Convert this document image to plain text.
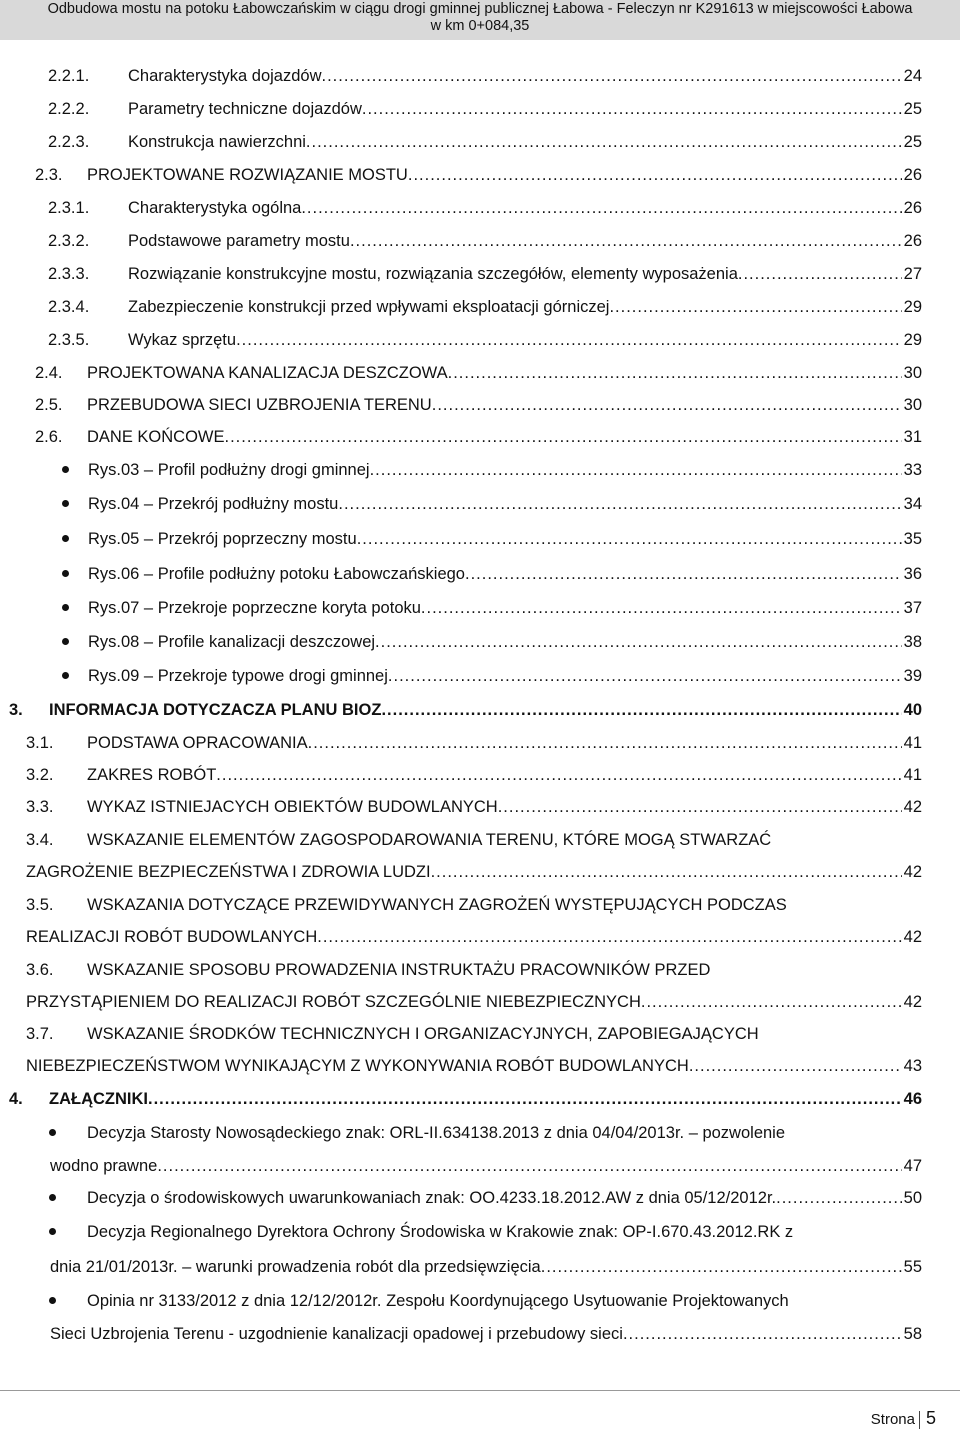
Odbudowa mostu na potoku Łabowczańskim w ciągu drogi gminnej publicznej Łabowa - Feleczyn nr K291613 w miejscowości Łabowa
w km 0+084,35
2.2.1. Charakterystyka dojazdów .....	24
2.2.2. Parametry techniczne dojazdów .....	25
2.2.3. Konstrukcja nawierzchni .....	25
2.3. PROJEKTOWANE ROZWIĄZANIE MOSTU .....	26
2.3.1. Charakterystyka ogólna .....	26
2.3.2. Podstawowe parametry mostu .....	26
2.3.3. Rozwiązanie konstrukcyjne mostu, rozwiązania szczegółów, elementy wyposażenia .....	27
2.3.4. Zabezpieczenie konstrukcji przed wpływami eksploatacji górniczej .....	29
2.3.5. Wykaz sprzętu .....	29
2.4. PROJEKTOWANA KANALIZACJA DESZCZOWA .....	30
2.5. PRZEBUDOWA SIECI UZBROJENIA TERENU .....	30
2.6. DANE KOŃCOWE .....	31
Rys.03 – Profil podłużny drogi gminnej .....	33
Rys.04 – Przekrój podłużny mostu .....	34
Rys.05 – Przekrój poprzeczny mostu .....	35
Rys.06 – Profile podłużny potoku Łabowczańskiego .....	36
Rys.07 – Przekroje poprzeczne koryta potoku .....	37
Rys.08 – Profile kanalizacji deszczowej .....	38
Rys.09 – Przekroje typowe drogi gminnej .....	39
3. INFORMACJA DOTYCZACZA PLANU BIOZ .....	40
3.1. PODSTAWA OPRACOWANIA .....	41
3.2. ZAKRES ROBÓT .....	41
3.3. WYKAZ ISTNIEJACYCH OBIEKTÓW BUDOWLANYCH .....	42
3.4. WSKAZANIE ELEMENTÓW ZAGOSPODAROWANIA TERENU, KTÓRE MOGĄ STWARZAĆ
ZAGROŻENIE BEZPIECZEŃSTWA I ZDROWIA LUDZI .....	42
3.5. WSKAZANIA DOTYCZĄCE PRZEWIDYWANYCH ZAGROŻEŃ WYSTĘPUJĄCYCH PODCZAS
REALIZACJI ROBÓT BUDOWLANYCH .....	42
3.6. WSKAZANIE SPOSOBU PROWADZENIA INSTRUKTAŻU PRACOWNIKÓW PRZED
PRZYSTĄPIENIEM DO REALIZACJI ROBÓT SZCZEGÓLNIE NIEBEZPIECZNYCH .....	42
3.7. WSKAZANIE ŚRODKÓW TECHNICZNYCH I ORGANIZACYJNYCH, ZAPOBIEGAJĄCYCH
NIEBEZPIECZEŃSTWOM WYNIKAJĄCYM Z WYKONYWANIA ROBÓT BUDOWLANYCH .....	43
4. ZAŁĄCZNIKI .....	46
Decyzja Starosty Nowosądeckiego znak: ORL-II.634138.2013 z dnia 04/04/2013r. – pozwolenie
wodno prawne .....	47
Decyzja o środowiskowych uwarunkowaniach znak: OO.4233.18.2012.AW z dnia 05/12/2012r. .....	50
Decyzja Regionalnego Dyrektora Ochrony Środowiska w Krakowie znak: OP-I.670.43.2012.RK z
dnia 21/01/2013r. – warunki prowadzenia robót dla przedsięwzięcia .....	55
Opinia nr 3133/2012 z dnia 12/12/2012r. Zespołu Koordynującego Usytuowanie Projektowanych
Sieci Uzbrojenia Terenu - uzgodnienie kanalizacji opadowej i przebudowy sieci .....	58
Strona 5
